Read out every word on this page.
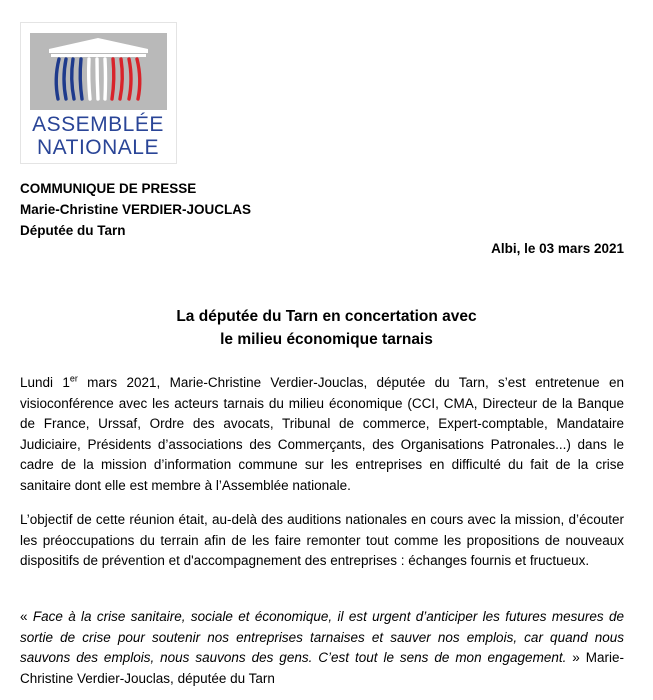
ASSEMBLÉE
NATIONALE
COMMUNIQUE DE PRESSE
Marie-Christine VERDIER-JOUCLAS
Députée du Tarn
Albi, le 03 mars 2021
La députée du Tarn en concertation avec
le milieu économique tarnais

Lundi 1er mars 2021, Marie-Christine Verdier-Jouclas, députée du Tarn, s’est entretenue en visioconférence avec les acteurs tarnais du milieu économique (CCI, CMA, Directeur de la Banque de France, Urssaf, Ordre des avocats, Tribunal de commerce, Expert-comptable, Mandataire Judiciaire, Présidents d’associations des Commerçants, des Organisations Patronales...) dans le cadre de la mission d’information commune sur les entreprises en difficulté du fait de la crise sanitaire dont elle est membre à l’Assemblée nationale.

L’objectif de cette réunion était, au-delà des auditions nationales en cours avec la mission, d’écouter les préoccupations du terrain afin de les faire remonter tout comme les propositions de nouveaux dispositifs de prévention et d'accompagnement des entreprises : échanges fournis et fructueux.

« Face à la crise sanitaire, sociale et économique, il est urgent d’anticiper les futures mesures de sortie de crise pour soutenir nos entreprises tarnaises et sauver nos emplois, car quand nous sauvons des emplois, nous sauvons des gens. C’est tout le sens de mon engagement. » Marie-Christine Verdier-Jouclas, députée du Tarn
